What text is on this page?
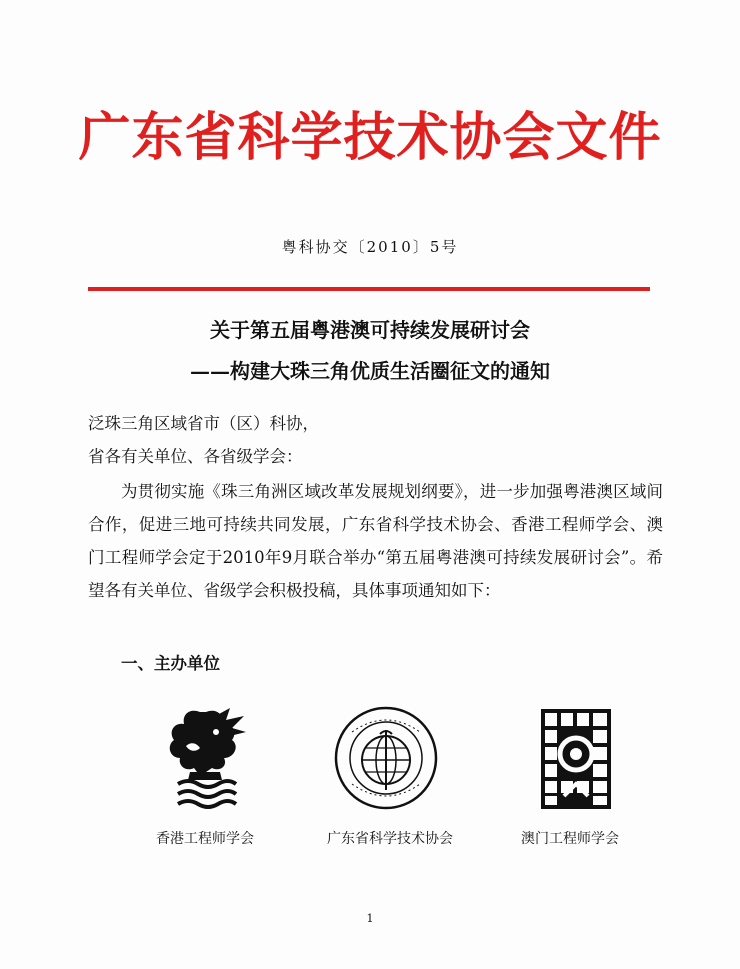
广东省科学技术协会文件
粤科协交〔2010〕5号
关于第五届粤港澳可持续发展研讨会
——构建大珠三角优质生活圈征文的通知
泛珠三角区域省市（区）科协，
省各有关单位、各省级学会：
为贯彻实施《珠三角洲区域改革发展规划纲要》，进一步加强粤港澳区域间合作，促进三地可持续共同发展，广东省科学技术协会、香港工程师学会、澳门工程师学会定于2010年9月联合举办“第五届粤港澳可持续发展研讨会”。希望各有关单位、省级学会积极投稿，具体事项通知如下：
一、主办单位
香港工程师学会	广东省科学技术协会	澳门工程师学会
1
